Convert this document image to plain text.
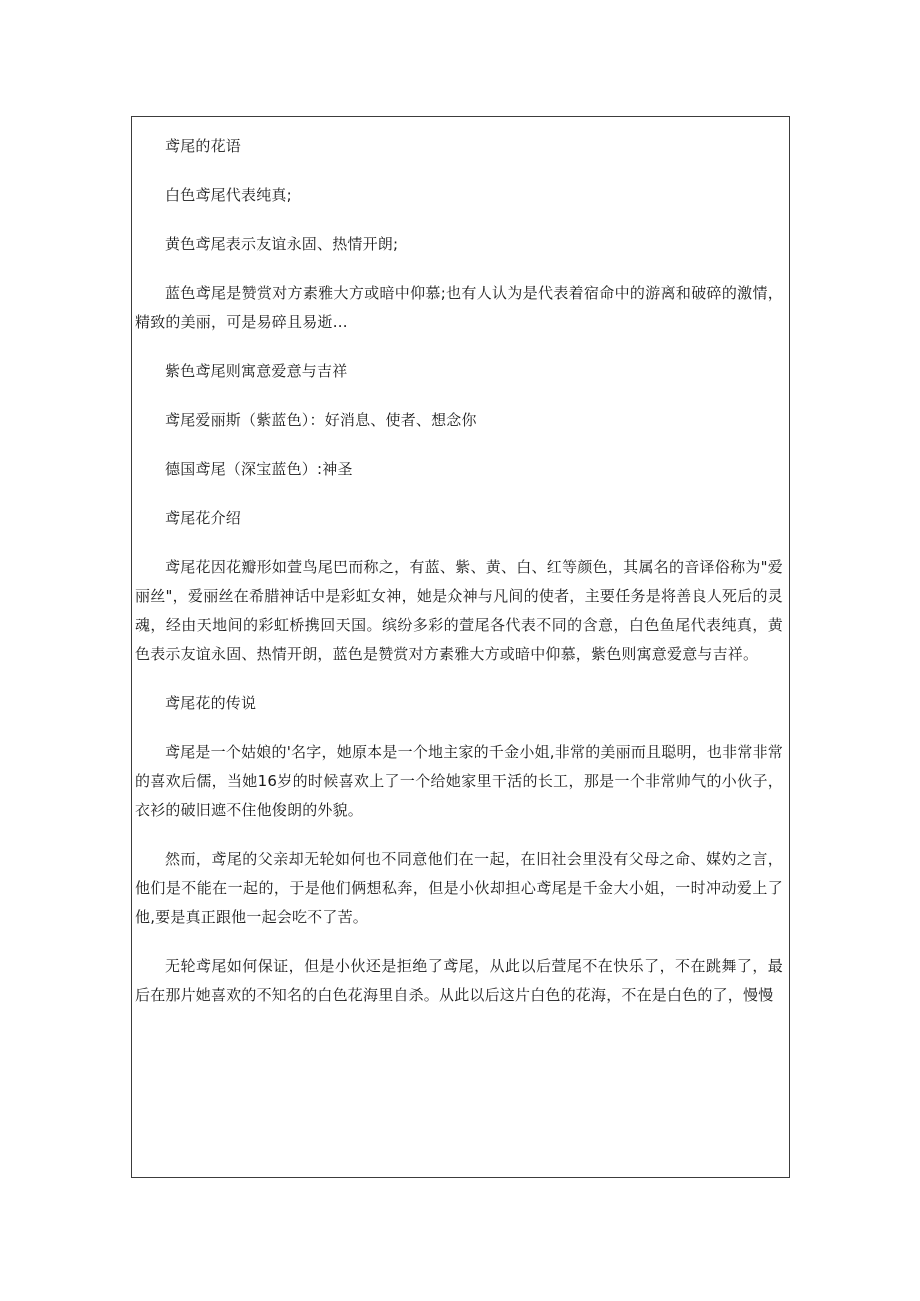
鸢尾的花语

白色鸢尾代表纯真;

黄色鸢尾表示友谊永固、热情开朗;

蓝色鸢尾是赞赏对方素雅大方或暗中仰慕;也有人认为是代表着宿命中的游离和破碎的激情，精致的美丽，可是易碎且易逝…

紫色鸢尾则寓意爱意与吉祥

鸢尾爱丽斯（紫蓝色）：好消息、使者、想念你

德国鸢尾（深宝蓝色）:神圣

鸢尾花介绍

鸢尾花因花瓣形如萱鸟尾巴而称之，有蓝、紫、黄、白、红等颜色，其属名的音译俗称为"爱丽丝"，爱丽丝在希腊神话中是彩虹女神，她是众神与凡间的使者，主要任务是将善良人死后的灵魂，经由天地间的彩虹桥携回天国。缤纷多彩的萱尾各代表不同的含意，白色鱼尾代表纯真，黄色表示友谊永固、热情开朗，蓝色是赞赏对方素雅大方或暗中仰慕，紫色则寓意爱意与吉祥。

鸢尾花的传说

鸢尾是一个姑娘的'名字，她原本是一个地主家的千金小姐,非常的美丽而且聪明，也非常非常的喜欢后儒，当她16岁的时候喜欢上了一个给她家里干活的长工，那是一个非常帅气的小伙子，衣衫的破旧遮不住他俊朗的外貌。

然而，鸢尾的父亲却无轮如何也不同意他们在一起，在旧社会里没有父母之命、媒妁之言，他们是不能在一起的，于是他们俩想私奔，但是小伙却担心鸢尾是千金大小姐，一时冲动爱上了他,要是真正跟他一起会吃不了苦。

无轮鸢尾如何保证，但是小伙还是拒绝了鸢尾，从此以后萱尾不在快乐了，不在跳舞了，最后在那片她喜欢的不知名的白色花海里自杀。从此以后这片白色的花海，不在是白色的了，慢慢
